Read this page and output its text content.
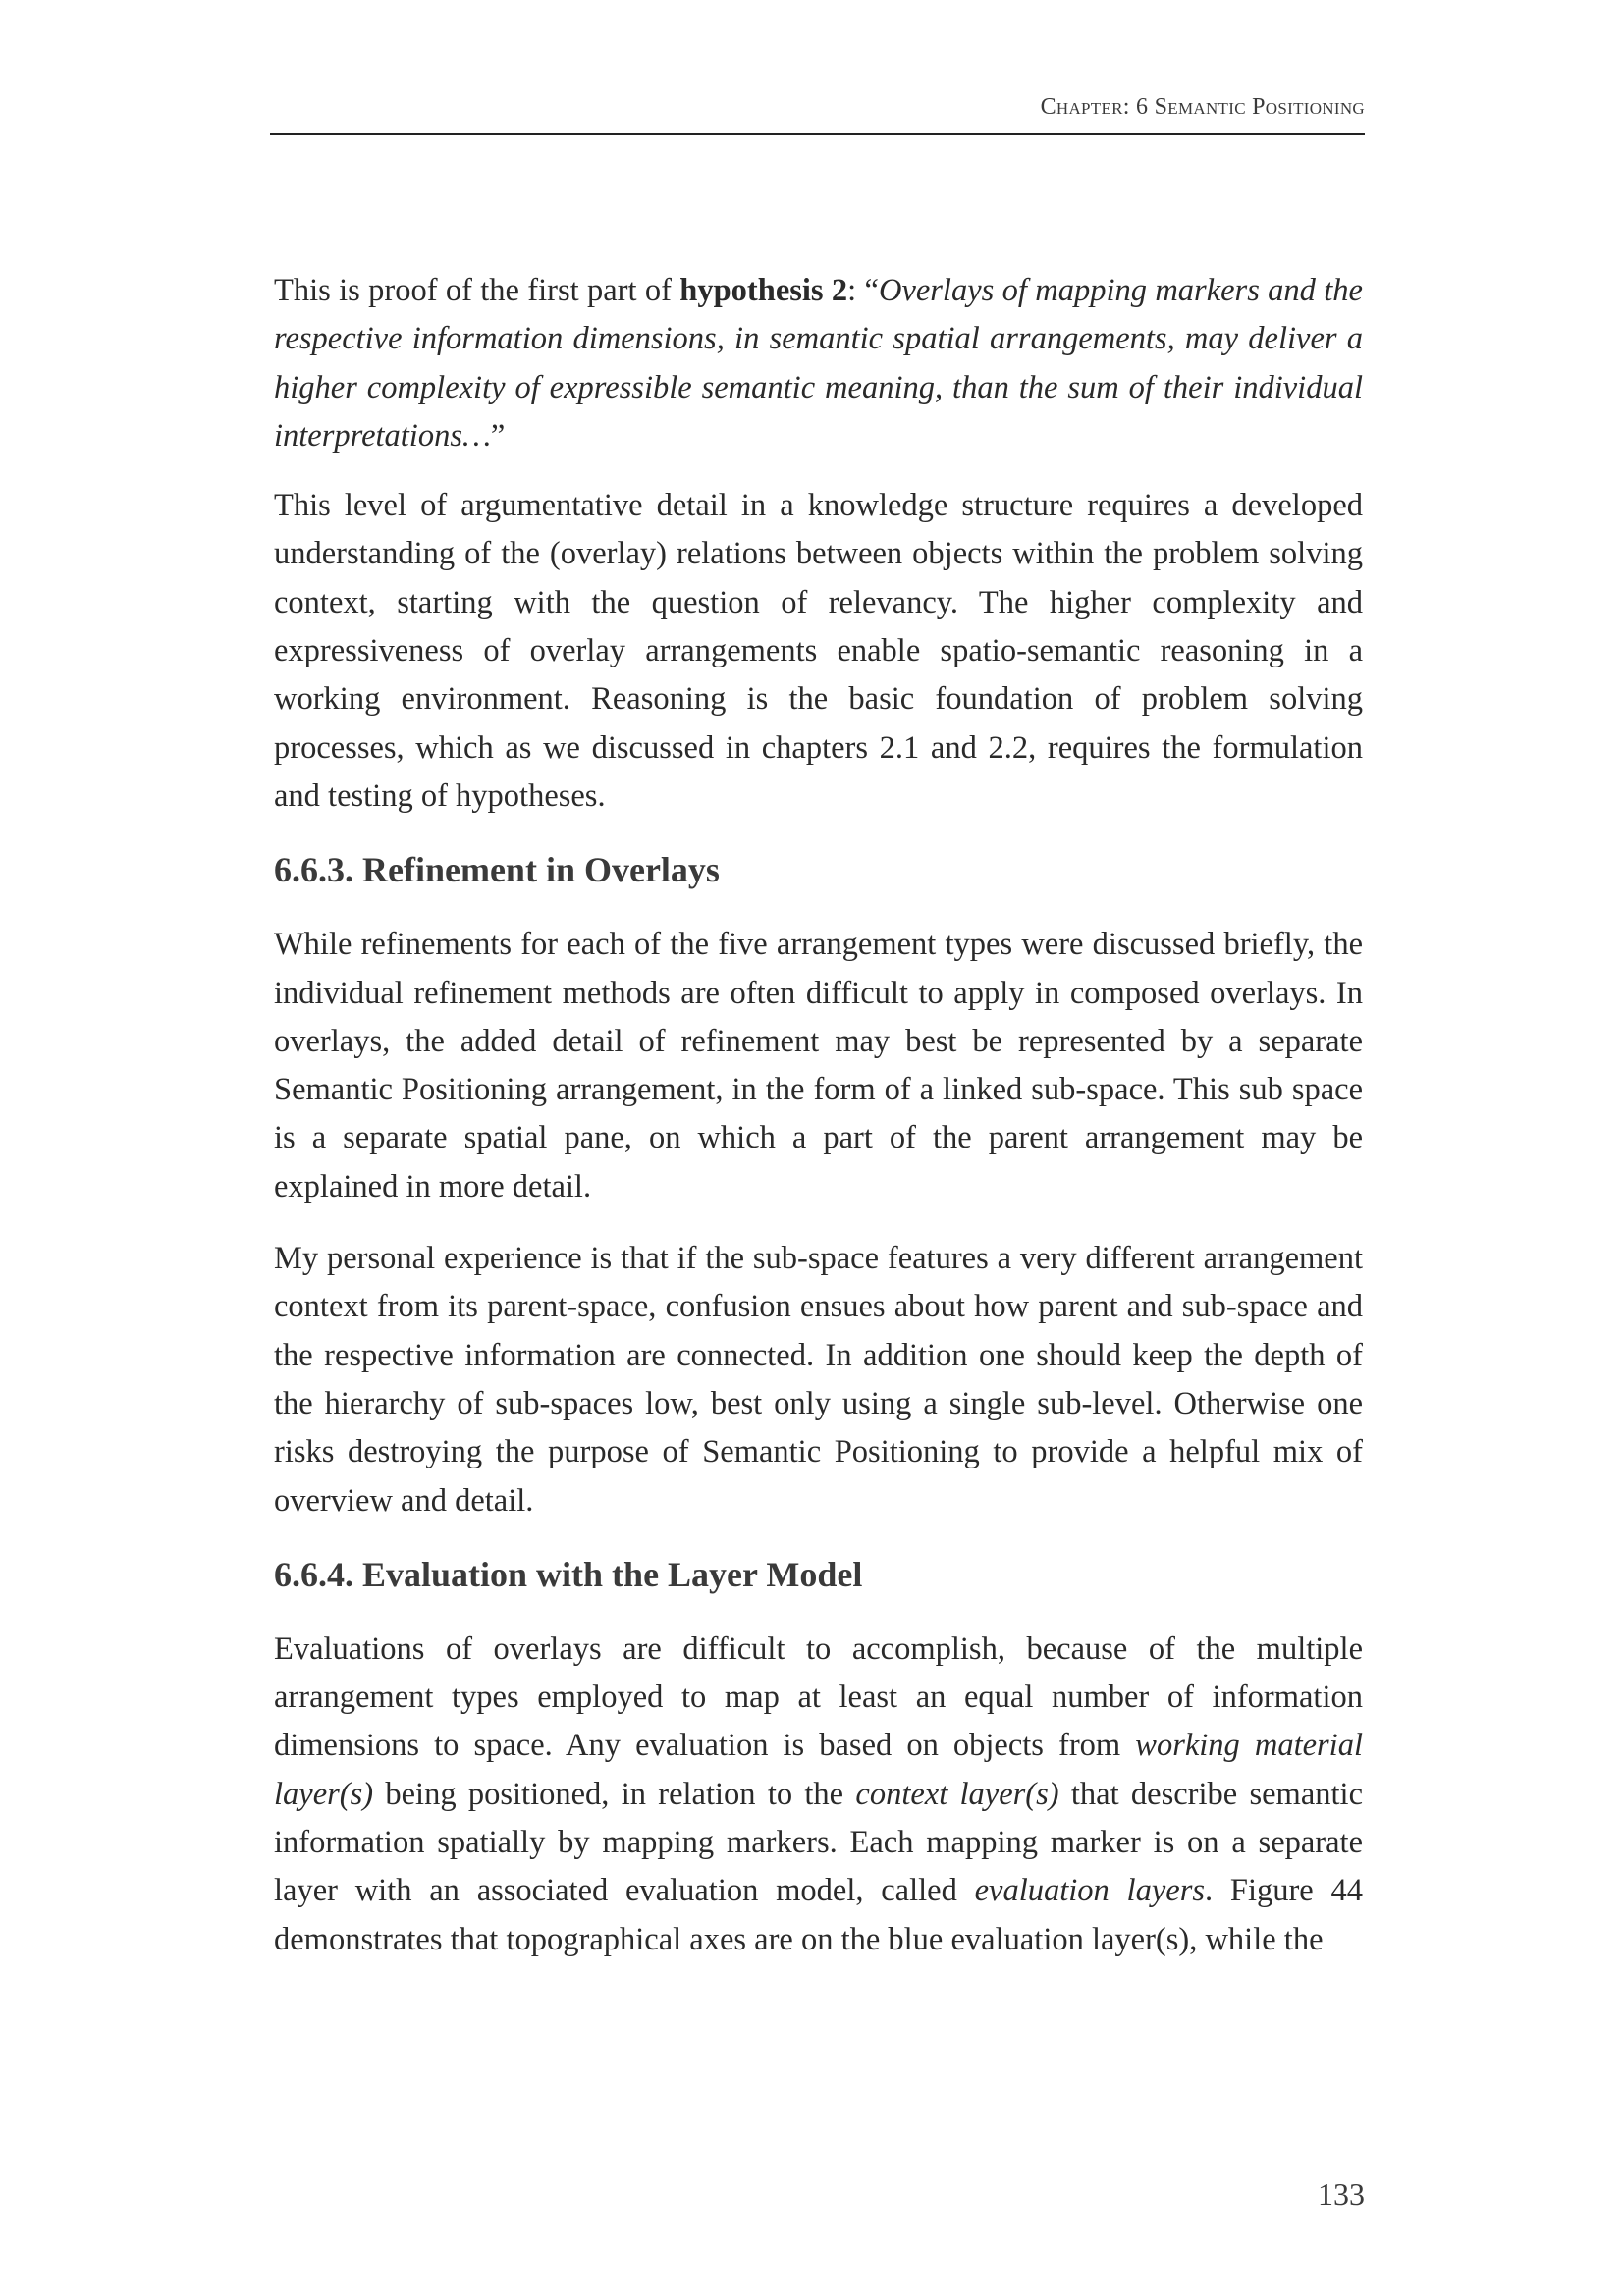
Chapter: 6 Semantic Positioning

This is proof of the first part of hypothesis 2: “Overlays of mapping markers and the respective information dimensions, in semantic spatial arrangements, may deliver a higher complexity of expressible semantic meaning, than the sum of their individual interpretations…”

This level of argumentative detail in a knowledge structure requires a developed understanding of the (overlay) relations between objects within the problem solving context, starting with the question of relevancy. The higher complexity and expressiveness of overlay arrangements enable spatio-semantic reasoning in a working environment. Reasoning is the basic foundation of problem solving processes, which as we discussed in chapters 2.1 and 2.2, requires the formulation and testing of hypotheses.

6.6.3. Refinement in Overlays

While refinements for each of the five arrangement types were discussed briefly, the individual refinement methods are often difficult to apply in composed overlays. In overlays, the added detail of refinement may best be represented by a separate Semantic Positioning arrangement, in the form of a linked sub-space. This sub space is a separate spatial pane, on which a part of the parent arrangement may be explained in more detail.

My personal experience is that if the sub-space features a very different arrangement context from its parent-space, confusion ensues about how parent and sub-space and the respective information are connected. In addition one should keep the depth of the hierarchy of sub-spaces low, best only using a single sub-level. Otherwise one risks destroying the purpose of Semantic Positioning to provide a helpful mix of overview and detail.

6.6.4. Evaluation with the Layer Model

Evaluations of overlays are difficult to accomplish, because of the multiple arrangement types employed to map at least an equal number of information dimensions to space. Any evaluation is based on objects from working material layer(s) being positioned, in relation to the context layer(s) that describe semantic information spatially by mapping markers. Each mapping marker is on a separate layer with an associated evaluation model, called evaluation layers. Figure 44 demonstrates that topographical axes are on the blue evaluation layer(s), while the

133
